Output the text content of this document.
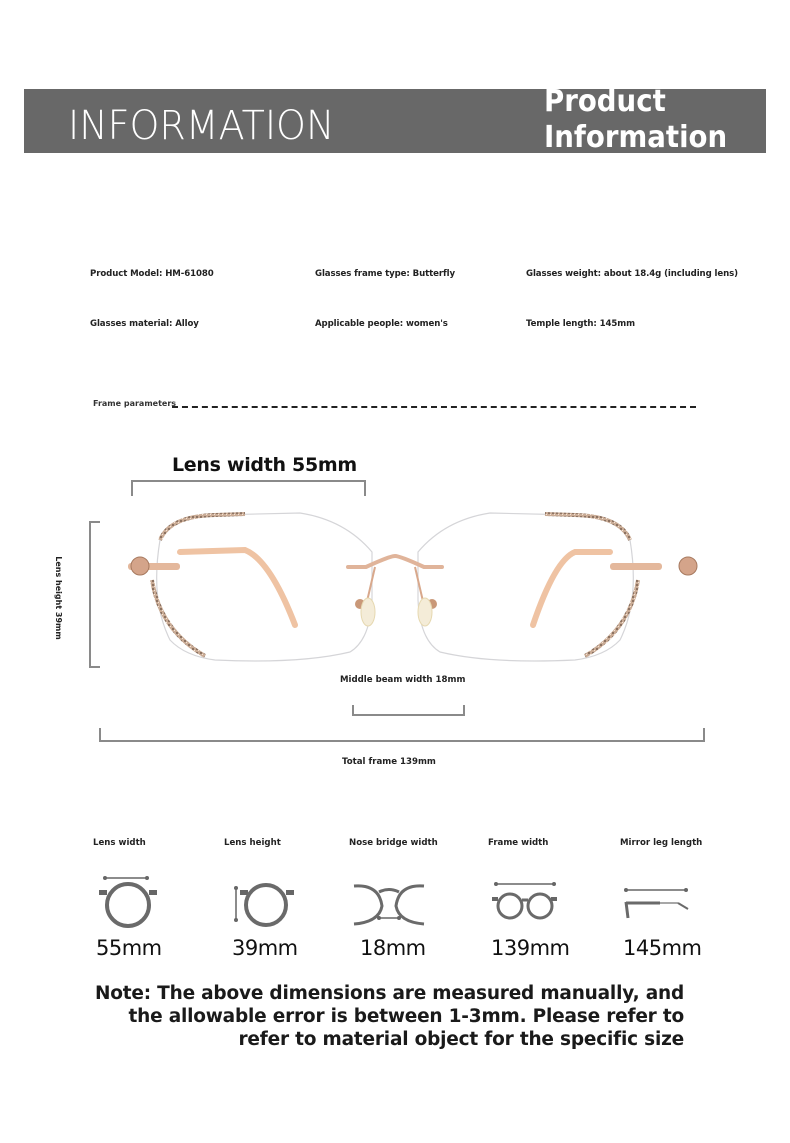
INFORMATION
Product
Information
Product Model: HM-61080	Glasses frame type: Butterfly	Glasses weight: about 18.4g (including lens)
Glasses material: Alloy	Applicable people: women's	Temple length: 145mm
Frame parameters
Lens width 55mm
Lens height 39mm
Middle beam width 18mm
Total frame 139mm
Lens width
55mm
Lens height
39mm
Nose bridge width
18mm
Frame width
139mm
Mirror leg length
145mm
Note: The above dimensions are measured manually, and
the allowable error is between 1-3mm. Please refer to
refer to material object for the specific size
